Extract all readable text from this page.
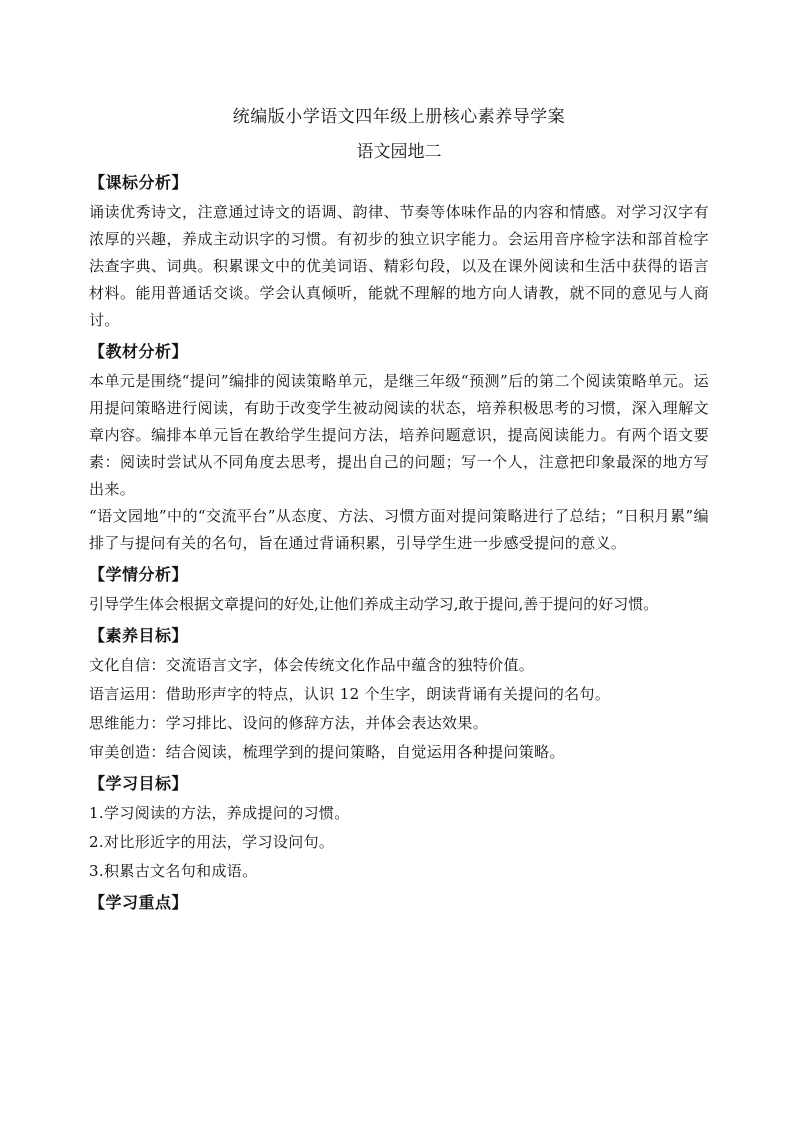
统编版小学语文四年级上册核心素养导学案
语文园地二
【课标分析】

诵读优秀诗文，注意通过诗文的语调、韵律、节奏等体味作品的内容和情感。对学习汉字有浓厚的兴趣，养成主动识字的习惯。有初步的独立识字能力。会运用音序检字法和部首检字法查字典、词典。积累课文中的优美词语、精彩句段，以及在课外阅读和生活中获得的语言材料。能用普通话交谈。学会认真倾听，能就不理解的地方向人请教，就不同的意见与人商讨。

【教材分析】

本单元是围绕“提问”编排的阅读策略单元，是继三年级“预测”后的第二个阅读策略单元。运用提问策略进行阅读，有助于改变学生被动阅读的状态，培养积极思考的习惯，深入理解文章内容。编排本单元旨在教给学生提问方法，培养问题意识，提高阅读能力。有两个语文要素：阅读时尝试从不同角度去思考，提出自己的问题；写一个人，注意把印象最深的地方写出来。

“语文园地”中的“交流平台”从态度、方法、习惯方面对提问策略进行了总结；“日积月累”编排了与提问有关的名句，旨在通过背诵积累，引导学生进一步感受提问的意义。

【学情分析】

引导学生体会根据文章提问的好处,让他们养成主动学习,敢于提问,善于提问的好习惯。

【素养目标】

文化自信：交流语言文字，体会传统文化作品中蕴含的独特价值。

语言运用：借助形声字的特点，认识 12 个生字，朗读背诵有关提问的名句。

思维能力：学习排比、设问的修辞方法，并体会表达效果。

审美创造：结合阅读，梳理学到的提问策略，自觉运用各种提问策略。

【学习目标】

1.学习阅读的方法，养成提问的习惯。

2.对比形近字的用法，学习设问句。

3.积累古文名句和成语。

【学习重点】
